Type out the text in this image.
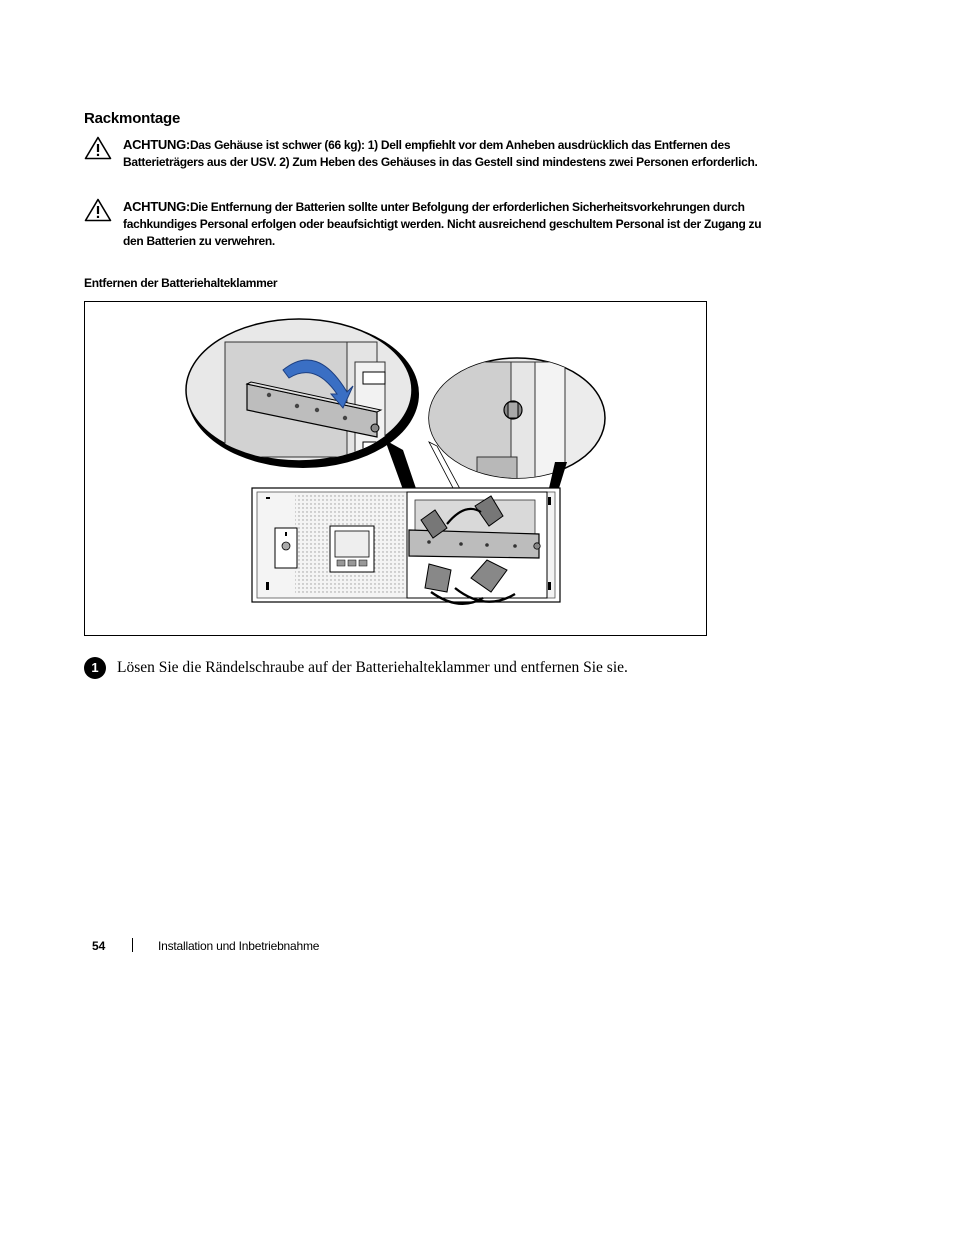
Rackmontage
ACHTUNG:Das Gehäuse ist schwer (66 kg): 1) Dell empfiehlt vor dem Anheben ausdrücklich das Entfernen des Batterieträgers aus der USV. 2) Zum Heben des Gehäuses in das Gestell sind mindestens zwei Personen erforderlich.
ACHTUNG:Die Entfernung der Batterien sollte unter Befolgung der erforderlichen Sicherheitsvorkehrungen durch fachkundiges Personal erfolgen oder beaufsichtigt werden. Nicht ausreichend geschultem Personal ist der Zugang zu den Batterien zu verwehren.
Entfernen der Batteriehalteklammer
1	Lösen Sie die Rändelschraube auf der Batteriehalteklammer und entfernen Sie sie.
54	Installation und Inbetriebnahme
